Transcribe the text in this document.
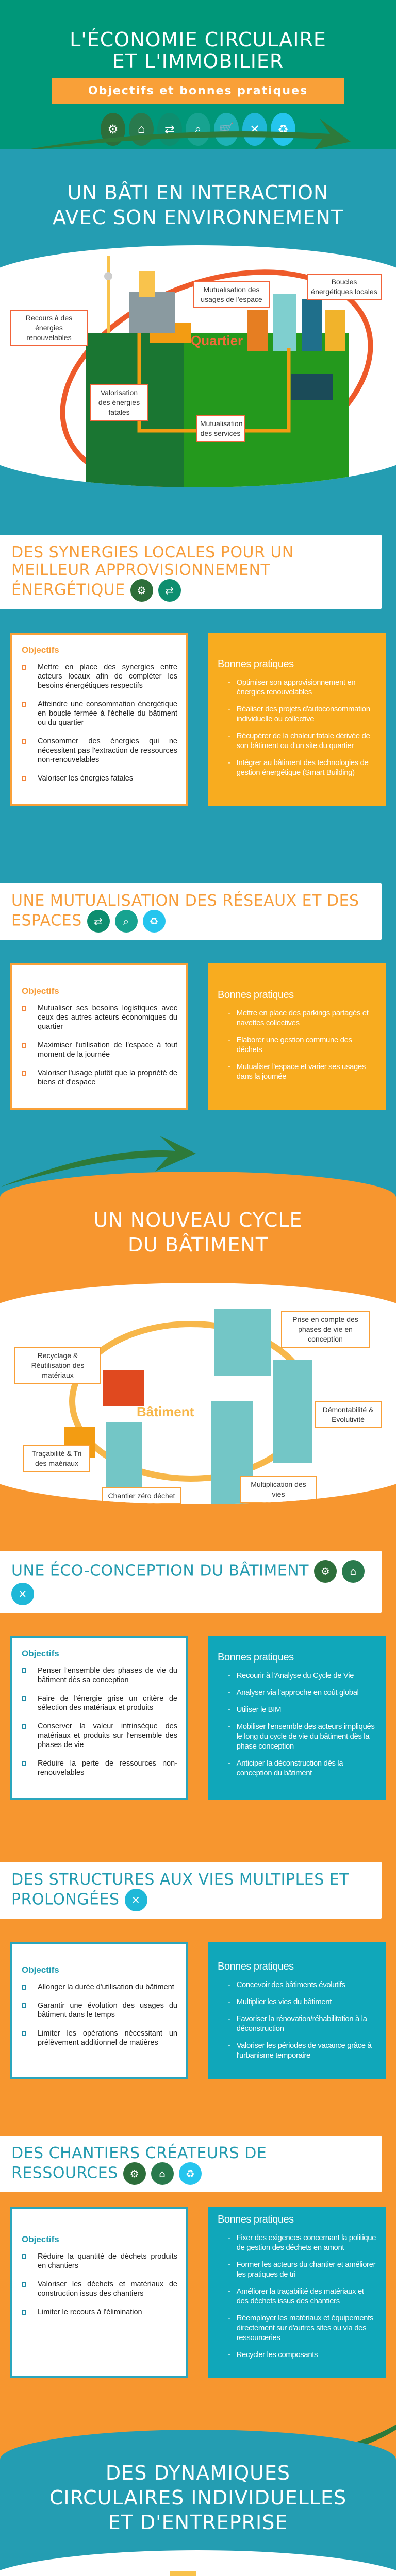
L'ÉCONOMIE CIRCULAIRE
ET L'IMMOBILIER
Objectifs et bonnes pratiques
⚙	⌂	⇄	⌕	🛒	✕	♻
UN BÂTI EN INTERACTION
AVEC SON ENVIRONNEMENT
Recours à des énergies renouvelables
Mutualisation des usages de l'espace
Boucles énergétiques locales
Valorisation des énergies fatales
Mutualisation des services
Quartier
DES SYNERGIES LOCALES POUR UN MEILLEUR APPROVISIONNEMENT ÉNERGÉTIQUE ⚙ ⇄
Objectifs
Mettre en place des synergies entre acteurs locaux afin de compléter les besoins énergétiques respectifs
Atteindre une consommation énergétique en boucle fermée à l'échelle du bâtiment ou du quartier
Consommer des énergies qui ne nécessitent pas l'extraction de ressources non-renouvelables
Valoriser les énergies fatales
Bonnes pratiques
- Optimiser son approvisionnement en énergies renouvelables
- Réaliser des projets d'autoconsommation individuelle ou collective
- Récupérer de la chaleur fatale dérivée de son bâtiment ou d'un site du quartier
- Intégrer au bâtiment des technologies de gestion énergétique (Smart Building)
UNE MUTUALISATION DES RÉSEAUX ET DES ESPACES ⇄ ⌕ ♻
Objectifs
Mutualiser ses besoins logistiques avec ceux des autres acteurs économiques du quartier
Maximiser l'utilisation de l'espace à tout moment de la journée
Valoriser l'usage plutôt que la propriété de biens et d'espace
Bonnes pratiques
- Mettre en place des parkings partagés et navettes collectives
- Elaborer une gestion commune des déchets
- Mutualiser l'espace et varier ses usages dans la journée
UN NOUVEAU CYCLE
DU BÂTIMENT
Recyclage & Réutilisation des matériaux
Prise en compte des phases de vie en conception
Démontabilité & Evolutivité
Traçabilité & Tri des maériaux
Chantier zéro déchet
Multiplication des vies
Bâtiment
UNE ÉCO-CONCEPTION DU BÂTIMENT ⚙ ⌂ ✕
Objectifs
Penser l'ensemble des phases de vie du bâtiment dès sa conception
Faire de l'énergie grise un critère de sélection des matériaux et produits
Conserver la valeur intrinsèque des matériaux et produits sur l'ensemble des phases de vie
Réduire la perte de ressources non-renouvelables
Bonnes pratiques
- Recourir à l'Analyse du Cycle de Vie
- Analyser via l'approche en coût global
- Utiliser le BIM
- Mobiliser l'ensemble des acteurs impliqués le long du cycle de vie du bâtiment dès la phase conception
- Anticiper la déconstruction dès la conception du bâtiment
DES STRUCTURES AUX VIES MULTIPLES ET PROLONGÉES ✕
Objectifs
Allonger la durée d'utilisation du bâtiment
Garantir une évolution des usages du bâtiment dans le temps
Limiter les opérations nécessitant un prélèvement additionnel de matières
Bonnes pratiques
- Concevoir des bâtiments évolutifs
- Multiplier les vies du bâtiment
- Favoriser la rénovation/réhabilitation à la déconstruction
- Valoriser les périodes de vacance grâce à l'urbanisme temporaire
DES CHANTIERS CRÉATEURS DE RESSOURCES ⚙ ⌂ ♻
Objectifs
Réduire la quantité de déchets produits en chantiers
Valoriser les déchets et matériaux de construction issus des chantiers
Limiter le recours à l'élimination
Bonnes pratiques
- Fixer des exigences concernant la politique de gestion des déchets en amont
- Former les acteurs du chantier et améliorer les pratiques de tri
- Améliorer la traçabilité des matériaux et des déchets issus des chantiers
- Réemployer les matériaux et équipements directement sur d'autres sites ou via des ressourceries
- Recycler les composants
DES DYNAMIQUES
CIRCULAIRES INDIVIDUELLES
ET D'ENTREPRISE
